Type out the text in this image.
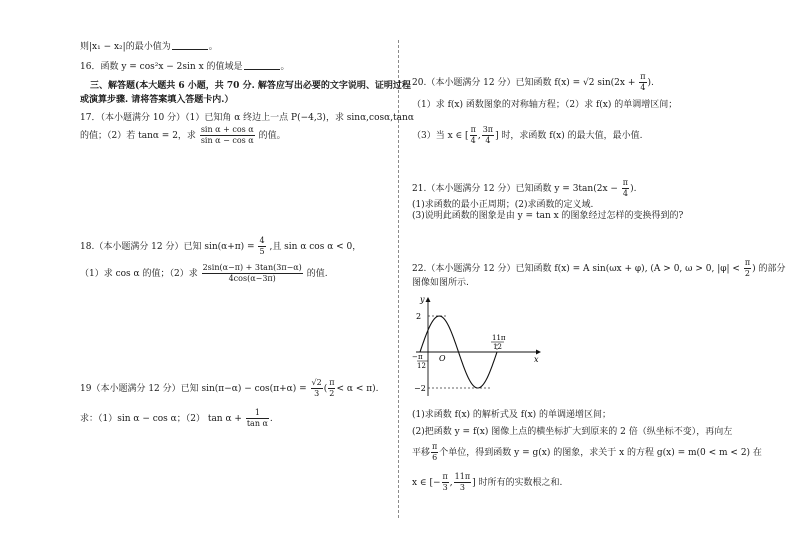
则|x₁ − x₂|的最小值为	。
16．函数 y = cos²x − 2sin x 的值域是	。
三、解答题(本大题共 6 小题，共 70 分. 解答应写出必要的文字说明、证明过程
或演算步骤. 请将答案填入答题卡内.）
17．（本小题满分 10 分）（1）已知角 α 终边上一点 P(−4,3)，求 sinα,cosα,tanα
的值；（2）若 tanα = 2，求 $\frac{\text{sin α + cos α}}{\text{sin α − cos α}}$ 的值。
18.（本小题满分 12 分）已知 $\sin(\alpha+\pi) = \frac{4}{5}$ ,且 sin α cos α < 0，
（1）求 cos α 的值；（2）求 $\frac{2\sin(\alpha-\pi) + 3\tan(3\pi-\alpha)}{4\cos(\alpha-3\pi)}$ 的值.
19（本小题满分 12 分）已知 $\sin(\pi-\alpha) - \cos(\pi+\alpha) = \frac{√2}{3}$ ( $\frac{\pi}{2} < \alpha < \pi$).
求：（1）sin α − cos α；（2） $\tan \alpha + \frac{1}{\text{tan α}}$ .
20.（本小题满分 12 分）已知函数 f(x) = √2 $\sin(2x + \frac{\pi}{4}$ ).
（1）求 f(x) 函数图象的对称轴方程；（2）求 f(x) 的单调增区间；
（3）当 x ∈ [ $\frac{\pi}{4}$ , $\frac{3\pi}{4}$ ] 时，求函数 f(x) 的最大值，最小值.
21.（本小题满分 12 分）已知函数 $y = 3\tan(2x - \frac{\pi}{4}$ ).
(1)求函数的最小正周期；(2)求函数的定义域.
(3)说明此函数的图象是由 y = tan x 的图象经过怎样的变换得到的?
22.（本小题满分 12 分）已知函数 f(x) = A sin(ωx + φ), (A > 0, ω > 0, $|\varphi| < \frac{\pi}{2}$ ) 的部分
图像如图所示.
y
x
O
2
−2
− π
12
11π
12
(1)求函数 f(x) 的解析式及 f(x) 的单调递增区间；
(2)把函数 y = f(x) 图像上点的横坐标扩大到原来的 2 倍（纵坐标不变），再向左
平移 $\frac{\pi}{6}$ 个单位，得到函数 y = g(x) 的图象，求关于 x 的方程 g(x) = m(0 < m < 2) 在
x ∈ [− $\frac{\pi}{3}$ , $\frac{11\pi}{3}$ ] 时所有的实数根之和.
